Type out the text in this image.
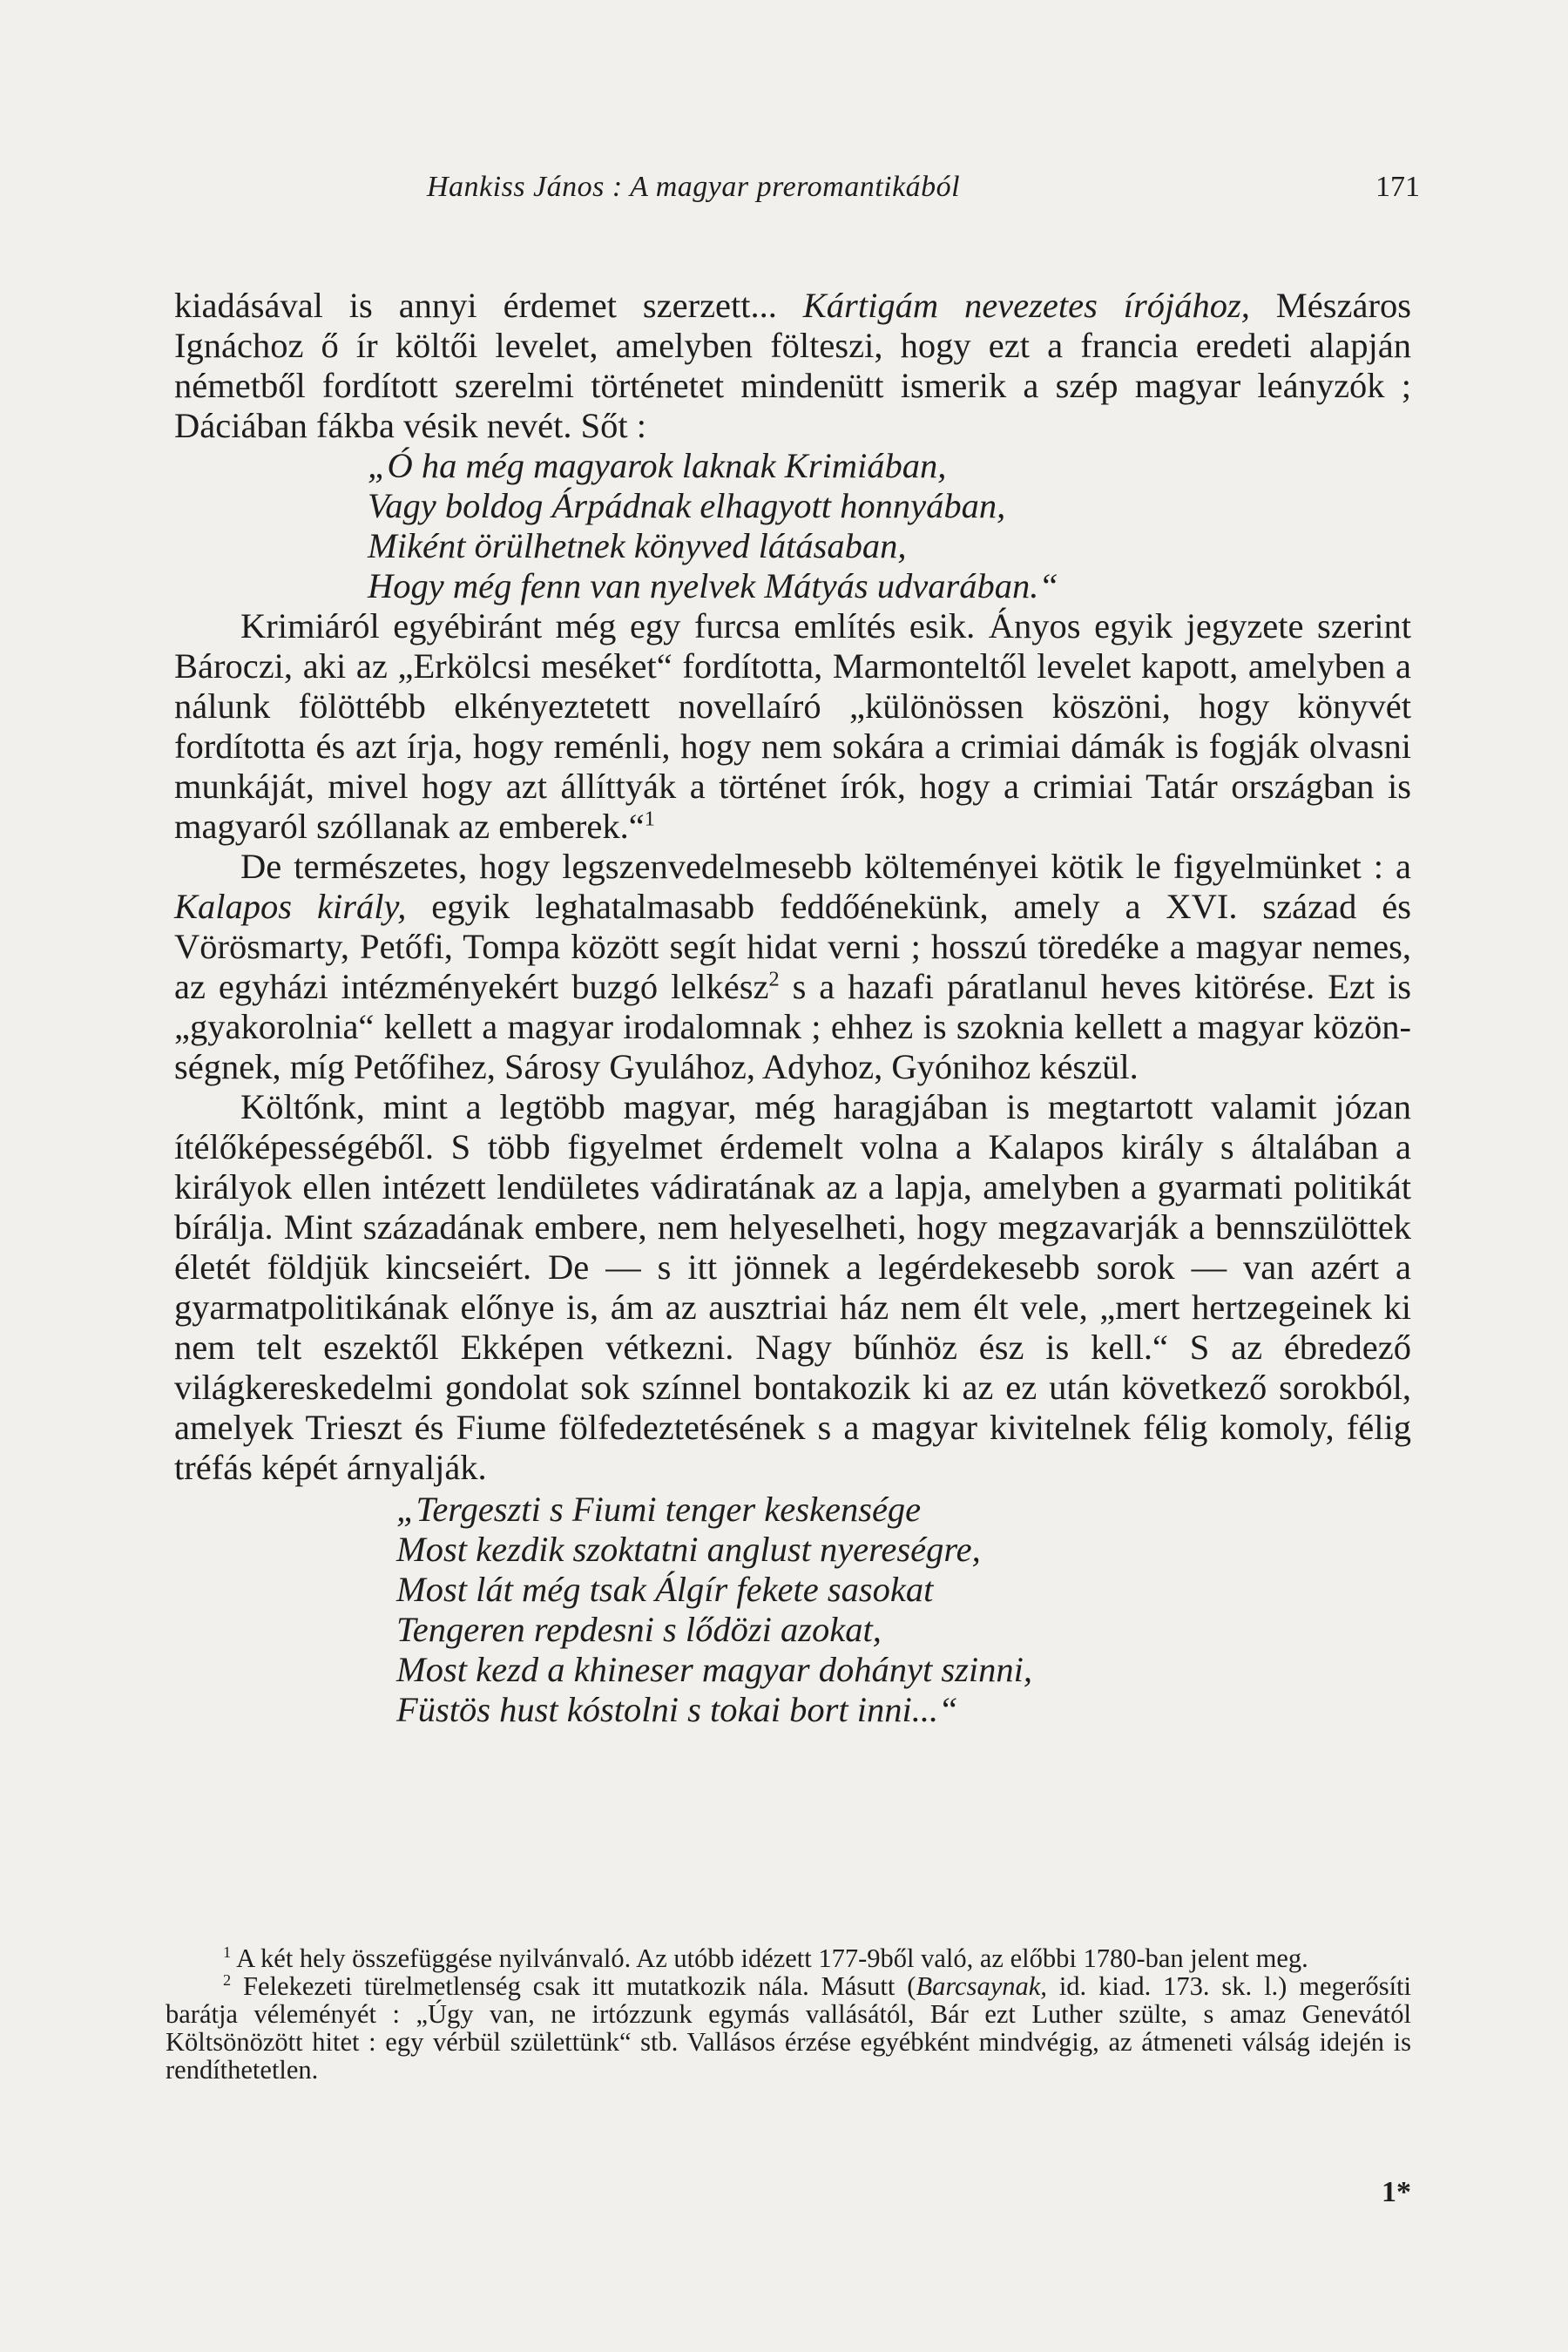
Hankiss János : A magyar preromantikából	171

kiadásával is annyi érdemet szerzett... Kártigám nevezetes írójához, Mészáros Ignáchoz ő ír költői levelet, amelyben fölteszi, hogy ezt a francia eredeti alapján németből fordított szerelmi történetet mindenütt ismerik a szép magyar leányzók ; Dáciában fákba vésik nevét. Sőt :

„Ó ha még magyarok laknak Krimiában,
Vagy boldog Árpádnak elhagyott honnyában,
Miként örülhetnek könyved látásaban,
Hogy még fenn van nyelvek Mátyás udvarában.“

Krimiáról egyébiránt még egy furcsa említés esik. Ányos egyik jegyzete szerint Bároczi, aki az „Erkölcsi meséket“ fordította, Marmonteltől levelet kapott, amelyben a nálunk fölöttébb elkényeztetett novellaíró „különössen köszöni, hogy könyvét fordította és azt írja, hogy reménli, hogy nem sokára a crimiai dámák is fogják olvasni munkáját, mivel hogy azt állíttyák a történet írók, hogy a crimiai Tatár országban is magyaról szóllanak az emberek.“$^1$

De természetes, hogy legszenvedelmesebb költeményei kötik le figyelmünket : a Kalapos király, egyik leghatalmasabb feddőénekünk, amely a XVI. század és Vörösmarty, Petőfi, Tompa között segít hidat verni ; hosszú töredéke a magyar nemes, az egyházi intézményekért buzgó lelkész$^2$ s a hazafi páratlanul heves kitörése. Ezt is „gyakorolnia“ kellett a magyar irodalomnak ; ehhez is szoknia kellett a magyar közönségnek, míg Petőfihez, Sárosy Gyulához, Adyhoz, Gyónihoz készül.

Költőnk, mint a legtöbb magyar, még haragjában is megtartott valamit józan ítélőképességéből. S több figyelmet érdemelt volna a Kalapos király s általában a királyok ellen intézett lendületes vádiratának az a lapja, amelyben a gyarmati politikát bírálja. Mint századának embere, nem helyeselheti, hogy megzavarják a bennszülöttek életét földjük kincseiért. De — s itt jönnek a legérdekesebb sorok — van azért a gyarmatpolitikának előnye is, ám az ausztriai ház nem élt vele, „mert hertzegeinek ki nem telt eszektől Ekképen vétkezni. Nagy bűnhöz ész is kell.“ S az ébredező világkereskedelmi gondolat sok színnel bontakozik ki az ez után következő sorokból, amelyek Trieszt és Fiume fölfedeztetésének s a magyar kivitelnek félig komoly, félig tréfás képét árnyalják.

„Tergeszti s Fiumi tenger keskensége
Most kezdik szoktatni anglust nyereségre,
Most lát még tsak Álgír fekete sasokat
Tengeren repdesni s lődözi azokat,
Most kezd a khineser magyar dohányt szinni,
Füstös hust kóstolni s tokai bort inni...“

$^1$ A két hely összefüggése nyilvánvaló. Az utóbb idézett 177-9ből való, az előbbi 1780-ban jelent meg.

$^2$ Felekezeti türelmetlenség csak itt mutatkozik nála. Másutt (Barcsaynak, id. kiad. 173. sk. l.) megerősíti barátja véleményét : „Úgy van, ne irtózzunk egymás vallásától, Bár ezt Luther szülte, s amaz Genevától Költsönözött hitet : egy vérbül születtünk“ stb. Vallásos érzése egyébként mindvégig, az átmeneti válság idején is rendíthetetlen.

1*
